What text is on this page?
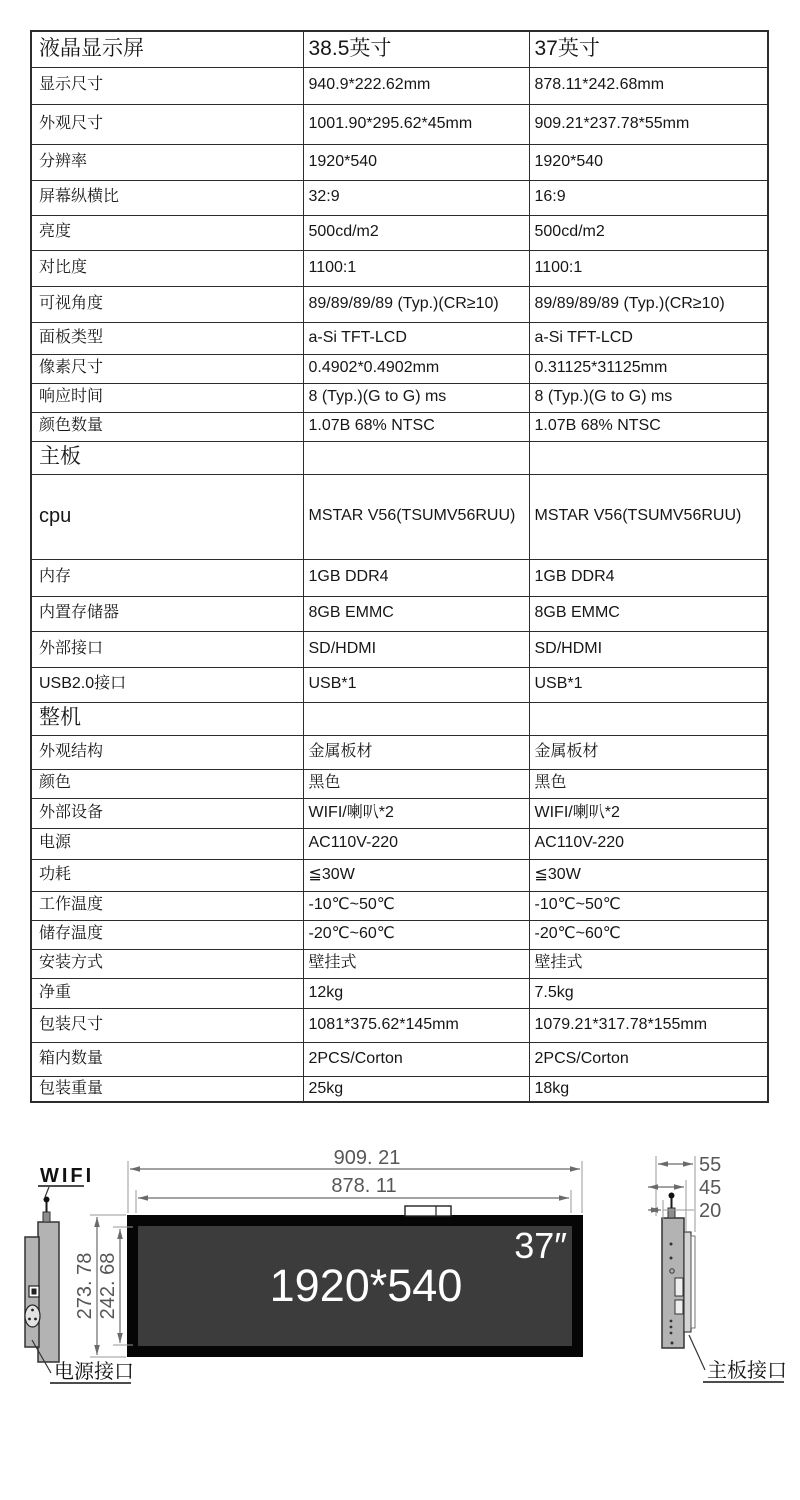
液晶显示屏	38.5英寸	37英寸
显示尺寸	940.9*222.62mm	878.11*242.68mm
外观尺寸	1001.90*295.62*45mm	909.21*237.78*55mm
分辨率	1920*540	1920*540
屏幕纵横比	32:9	16:9
亮度	500cd/m2	500cd/m2
对比度	1100:1	1100:1
可视角度	89/89/89/89 (Typ.)(CR≥10)	89/89/89/89 (Typ.)(CR≥10)
面板类型	a-Si TFT-LCD	a-Si TFT-LCD
像素尺寸	0.4902*0.4902mm	0.31125*31125mm
响应时间	8 (Typ.)(G to G) ms	8 (Typ.)(G to G) ms
颜色数量	1.07B 68% NTSC	1.07B 68% NTSC
主板		
cpu	MSTAR V56(TSUMV56RUU)	MSTAR V56(TSUMV56RUU)
内存	1GB DDR4	1GB DDR4
内置存储器	8GB EMMC	8GB EMMC
外部接口	SD/HDMI	SD/HDMI
USB2.0接口	USB*1	USB*1
整机		
外观结构	金属板材	金属板材
颜色	黑色	黑色
外部设备	WIFI/喇叭*2	WIFI/喇叭*2
电源	AC110V-220	AC110V-220
功耗	≦30W	≦30W
工作温度	-10℃~50℃	-10℃~50℃
储存温度	-20℃~60℃	-20℃~60℃
安装方式	壁挂式	壁挂式
净重	12kg	7.5kg
包装尺寸	1081*375.62*145mm	1079.21*317.78*155mm
箱内数量	2PCS/Corton	2PCS/Corton
包装重量	25kg	18kg
1920*540
37″
909. 21
878. 11
273. 78 242. 68
WIFI
电源接口
55
45
20
主板接口
